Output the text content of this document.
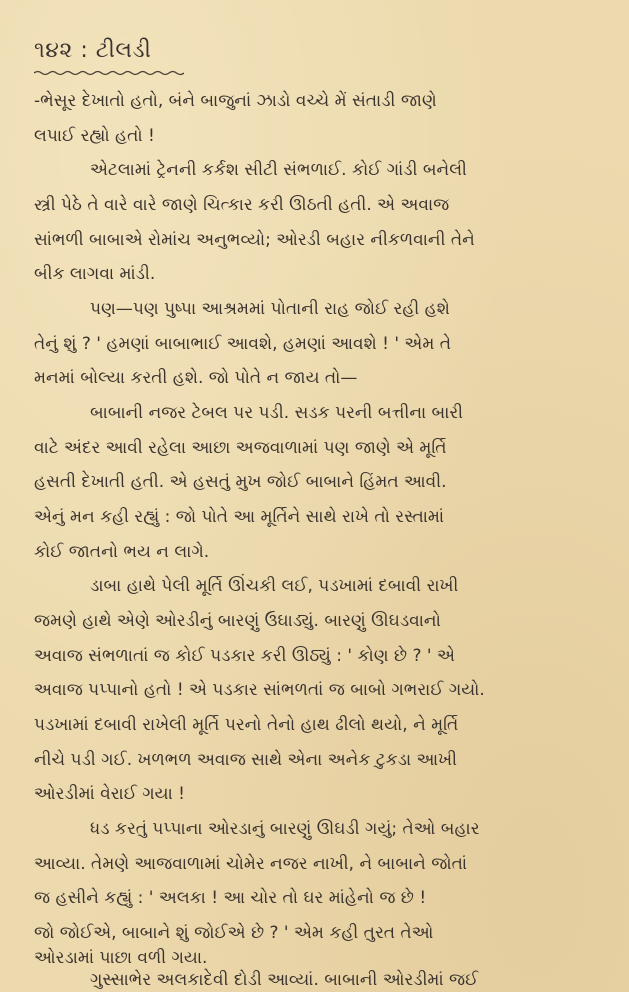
૧૪૨ : ટીલડી
-ભેસૂર દેખાતો હતો, બંને બાજુનાં ઝાડો વચ્ચે મેં સંતાડી જાણે
લપાઈ રહ્યો હતો !
એટલામાં ટ્રેનની કર્કશ સીટી સંભળાઈ. કોઈ ગાંડી બનેલી
સ્ત્રી પેઠે તે વારે વારે જાણે ચિત્કાર કરી ઊઠતી હતી. એ અવાજ
સાંભળી બાબાએ રોમાંચ અનુભવ્યો; ઓરડી બહાર નીકળવાની તેને
બીક લાગવા માંડી.
પણ—પણ પુષ્પા આશ્રમમાં પોતાની રાહ જોઈ રહી હશે
તેનું શું ? ' હમણાં બાબાભાઈ આવશે, હમણાં આવશે ! ' એમ તે
મનમાં બોલ્યા કરતી હશે. જો પોતે ન જાય તો—
બાબાની નજર ટેબલ પર પડી. સડક પરની બત્તીના બારી
વાટે અંદર આવી રહેલા આછા અજવાળામાં પણ જાણે એ મૂર્તિ
હસતી દેખાતી હતી. એ હસતું મુખ જોઈ બાબાને હિંમત આવી.
એનું મન કહી રહ્યું : જો પોતે આ મૂર્તિને સાથે રાખે તો રસ્તામાં
કોઈ જાતનો ભય ન લાગે.
ડાબા હાથે પેલી મૂર્તિ ઊંચકી લઈ, પડખામાં દબાવી રાખી
જમણે હાથે એણે ઓરડીનું બારણું ઉઘાડ્યું. બારણું ઊઘડવાનો
અવાજ સંભળાતાં જ કોઈ પડકાર કરી ઊઠ્યું : ' કોણ છે ? ' એ
અવાજ પપ્પાનો હતો ! એ પડકાર સાંભળતાં જ બાબો ગભરાઈ ગયો.
પડખામાં દબાવી રાખેલી મૂર્તિ પરનો તેનો હાથ ઢીલો થયો, ને મૂર્તિ
નીચે પડી ગઈ. ખળભળ અવાજ સાથે એના અનેક ટુકડા આખી
ઓરડીમાં વેરાઈ ગયા !
ધડ કરતું પપ્પાના ઓરડાનું બારણું ઊઘડી ગયું; તેઓ બહાર
આવ્યા. તેમણે આજવાળામાં ચોમેર નજર નાખી, ને બાબાને જોતાં
જ હસીને કહ્યું : ' અલકા ! આ ચોર તો ઘર માંહેનો જ છે !
જો જોઈએ, બાબાને શું જોઈએ છે ? ' એમ કહી તુરત તેઓ
ઓરડામાં પાછા વળી ગયા.
ગુસ્સાભેર અલકાદેવી દોડી આવ્યાં. બાબાની ઓરડીમાં જઈ
